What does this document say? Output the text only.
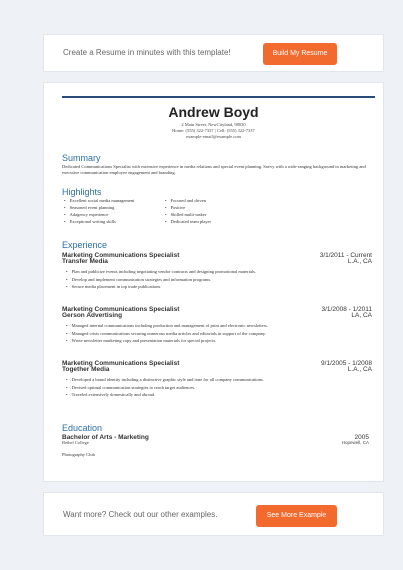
Create a Resume in minutes with this template!	Build My Resume
Andrew Boyd
2 Main Street, NewCityland, 98030
Home: (555) 322-7337 | Cell: (555) 322-7337
example-email@example.com
Summary
Dedicated Communications Specialist with extensive experience in media relations and special event planning. Savvy with a wide-ranging background in marketing and executive communication employee engagement and branding.
Highlights
• Excellent social media management
• Seasoned event planning
• Adagency experience
• Exceptional writing skills
• Focused and driven
• Positive
• Skilled multi-tasker
• Dedicated team player
Experience
Marketing Communications Specialist
Transfer Media
3/1/2011 - Current
L.A., CA
• Plan and publicize events including negotiating vendor contracts and designing promotional materials.
• Develop and implement communication strategies and information programs.
• Secure media placement in top trade publications.
Marketing Communications Specialist
Gerson Advertising
3/1/2008 - 1/2011
LA, CA
• Managed internal communications including production and management of print and electronic newsletters.
• Managed crisis communications securing numerous media articles and editorials in support of the company.
• Wrote newsletter marketing copy and presentation materials for special projects.
Marketing Communications Specialist
Together Media
9/1/2005 - 1/2008
L.A., CA
• Developed a brand identity including a distinctive graphic style and tone for all company communications.
• Devised optimal communication strategies to reach target audiences.
• Traveled extensively domestically and abroad.
Education
Bachelor of Arts - Marketing
Bethel College
2005
Hopewell, CA
Photography Club
Want more? Check out our other examples.	See More Example
